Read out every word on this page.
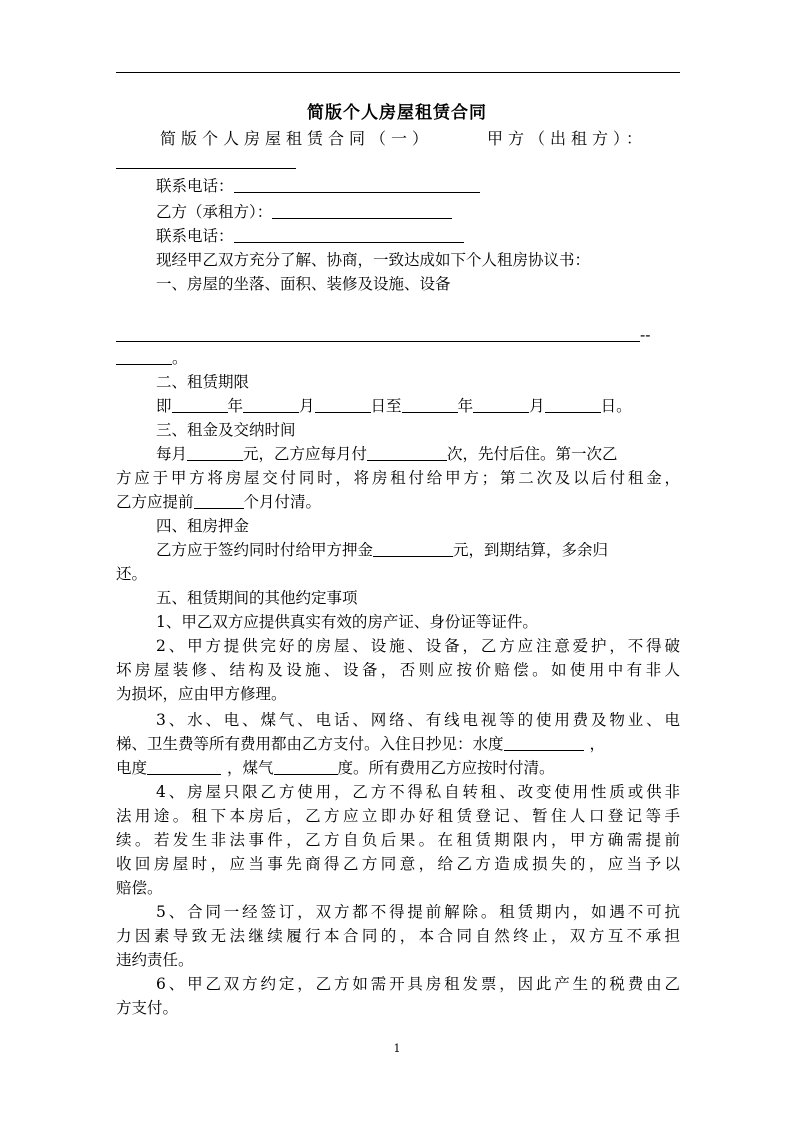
简版个人房屋租赁合同
简版个人房屋租赁合同（一）	甲方（出租方）：
联系电话：
乙方（承租方）：
联系电话：
现经甲乙双方充分了解、协商，一致达成如下个人租房协议书：
一、房屋的坐落、面积、装修及设施、设备
--
。
二、租赁期限
即	年	月	日至	年	月	日。
三、租金及交纳时间
每月	元，乙方应每月付	次，先付后住。第一次乙
方应于甲方将房屋交付同时，将房租付给甲方；第二次及以后付租金，
乙方应提前	个月付清。
四、租房押金
乙方应于签约同时付给甲方押金	元，到期结算，多余归
还。
五、租赁期间的其他约定事项
1、甲乙双方应提供真实有效的房产证、身份证等证件。
2、甲方提供完好的房屋、设施、设备，乙方应注意爱护，不得破
坏房屋装修、结构及设施、设备，否则应按价赔偿。如使用中有非人
为损坏，应由甲方修理。
3、水、电、煤气、电话、网络、有线电视等的使用费及物业、电
梯、卫生费等所有费用都由乙方支付。入住日抄见：水度	，
电度	，煤气	度。所有费用乙方应按时付清。
4、房屋只限乙方使用，乙方不得私自转租、改变使用性质或供非
法用途。租下本房后，乙方应立即办好租赁登记、暂住人口登记等手
续。若发生非法事件，乙方自负后果。在租赁期限内，甲方确需提前
收回房屋时，应当事先商得乙方同意，给乙方造成损失的，应当予以
赔偿。
5、合同一经签订，双方都不得提前解除。租赁期内，如遇不可抗
力因素导致无法继续履行本合同的，本合同自然终止，双方互不承担
违约责任。
6、甲乙双方约定，乙方如需开具房租发票，因此产生的税费由乙
方支付。
1
